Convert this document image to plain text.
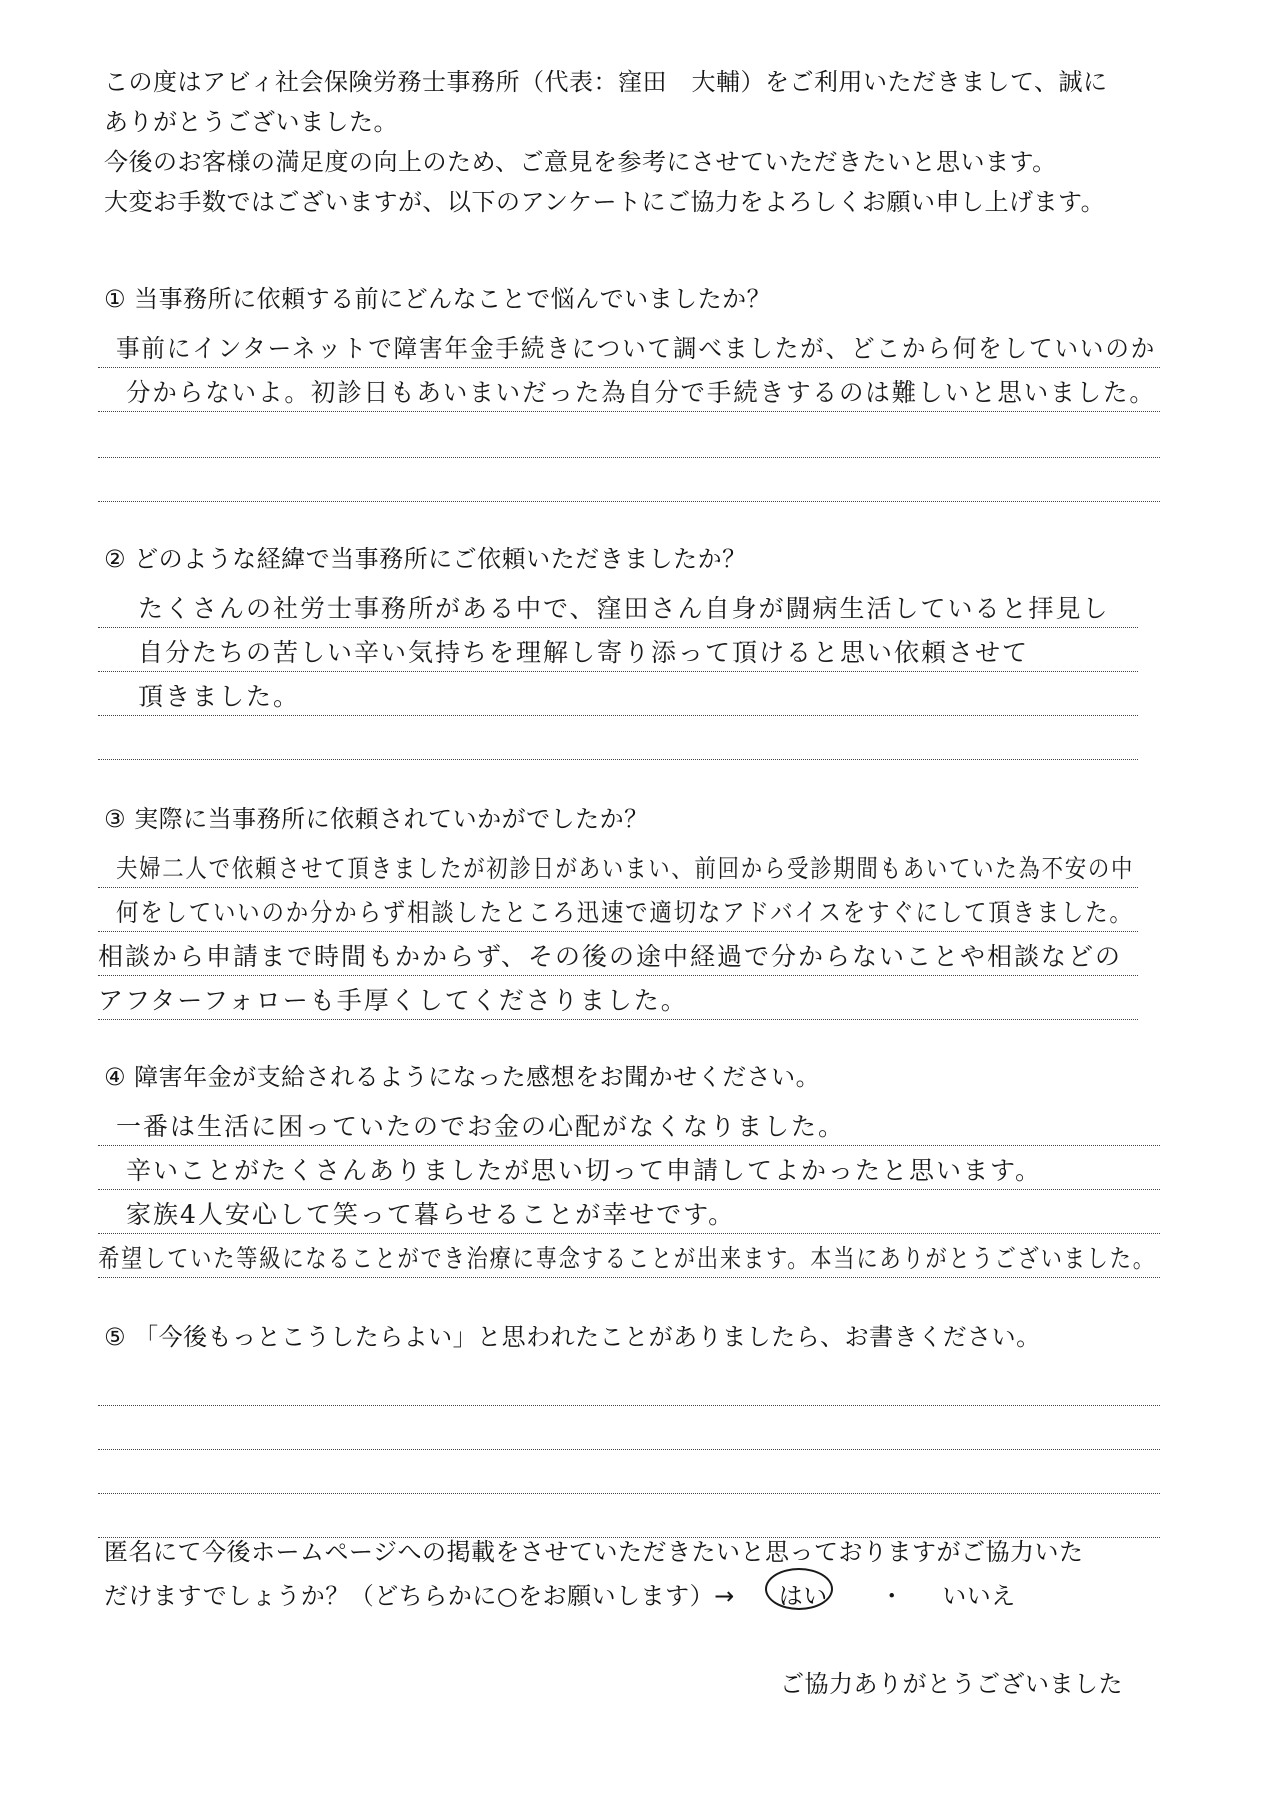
この度はアビィ社会保険労務士事務所（代表：窪田　大輔）をご利用いただきまして、誠に

ありがとうございました。

今後のお客様の満足度の向上のため、ご意見を参考にさせていただきたいと思います。

大変お手数ではございますが、以下のアンケートにご協力をよろしくお願い申し上げます。

① 当事務所に依頼する前にどんなことで悩んでいましたか？
事前にインターネットで障害年金手続きについて調べましたが、どこから何をしていいのか
分からないよ。初診日もあいまいだった為自分で手続きするのは難しいと思いました。
② どのような経緯で当事務所にご依頼いただきましたか？
たくさんの社労士事務所がある中で、窪田さん自身が闘病生活していると拝見し
自分たちの苦しい辛い気持ちを理解し寄り添って頂けると思い依頼させて
頂きました。
③ 実際に当事務所に依頼されていかがでしたか？
夫婦二人で依頼させて頂きましたが初診日があいまい、前回から受診期間もあいていた為不安の中
何をしていいのか分からず相談したところ迅速で適切なアドバイスをすぐにして頂きました。
相談から申請まで時間もかからず、その後の途中経過で分からないことや相談などの
アフターフォローも手厚くしてくださりました。
④ 障害年金が支給されるようになった感想をお聞かせください。
一番は生活に困っていたのでお金の心配がなくなりました。
辛いことがたくさんありましたが思い切って申請してよかったと思います。
家族4人安心して笑って暮らせることが幸せです。
希望していた等級になることができ治療に専念することが出来ます。本当にありがとうございました。
⑤ 「今後もっとこうしたらよい」と思われたことがありましたら、お書きください。

匿名にて今後ホームページへの掲載をさせていただきたいと思っておりますがご協力いた

だけますでしょうか？（どちらかに○をお願いします）→ はい ・ いいえ
ご協力ありがとうございました
